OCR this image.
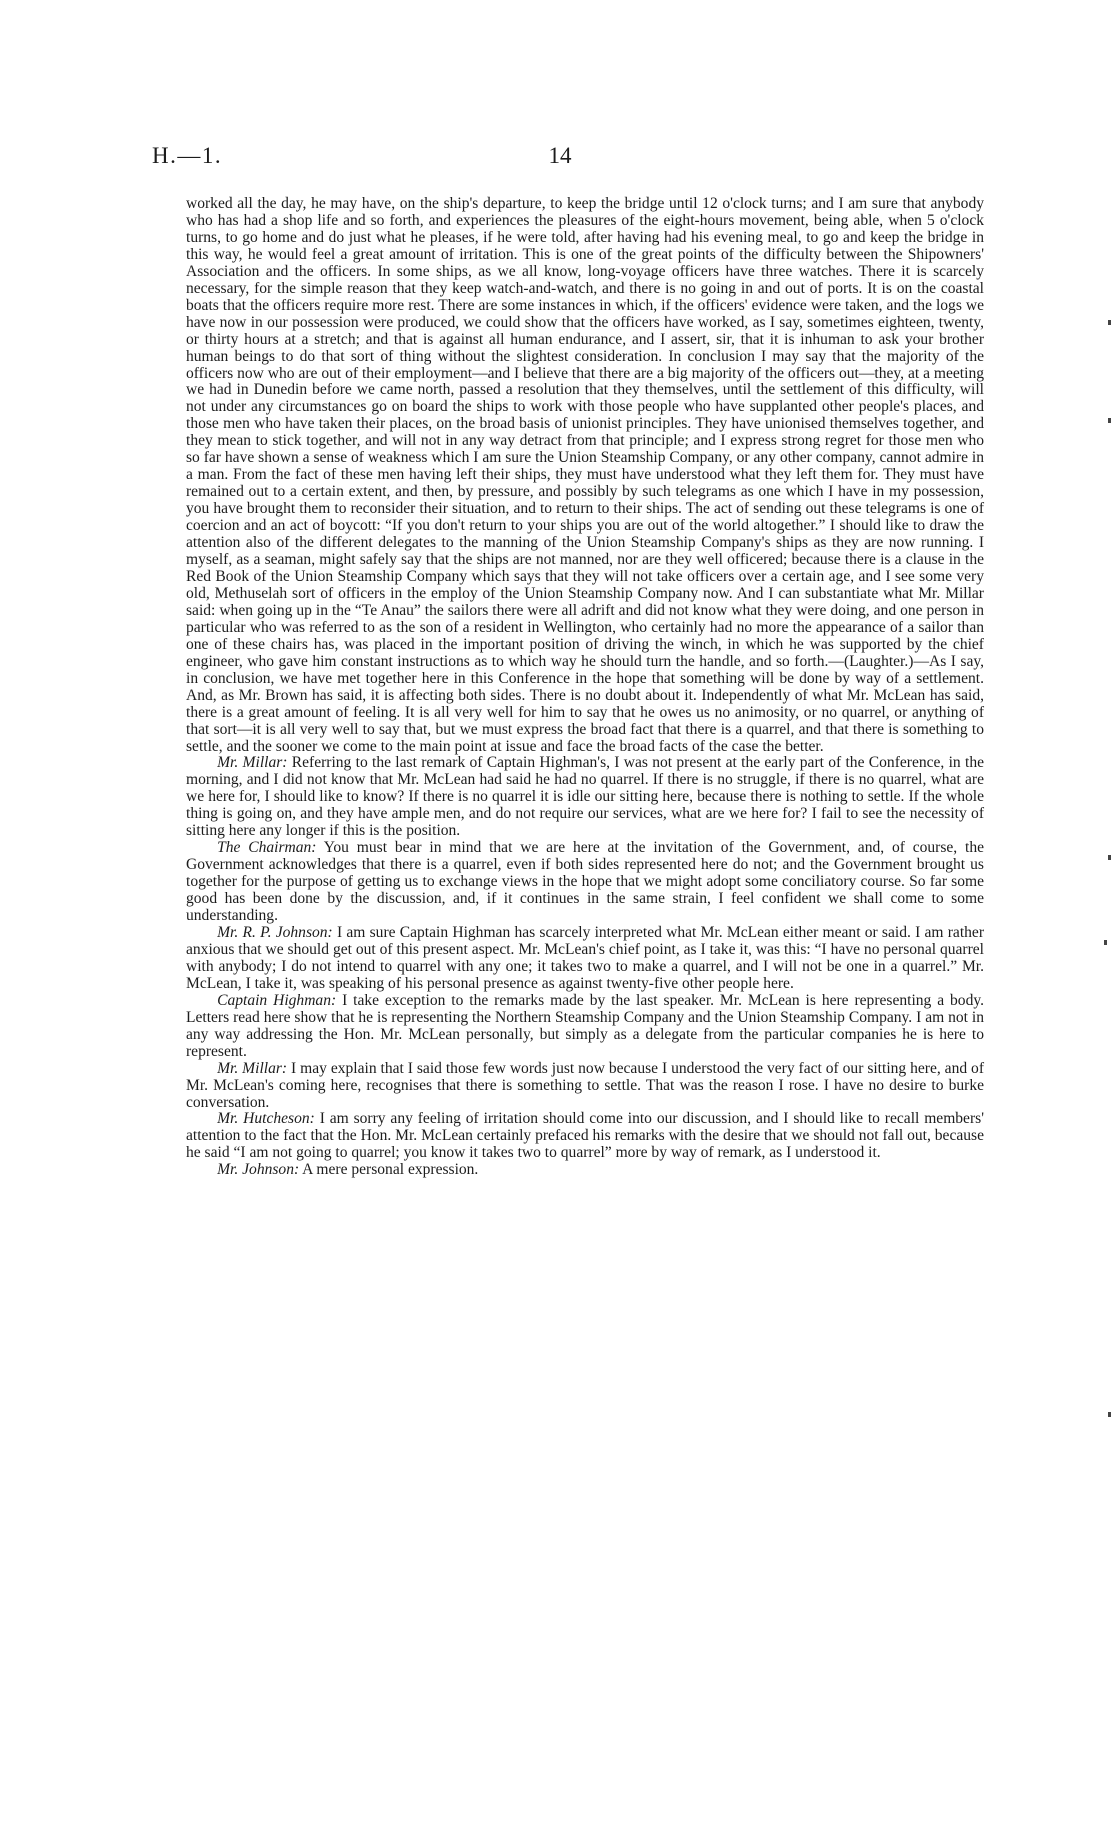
H.—1.	14

worked all the day, he may have, on the ship's departure, to keep the bridge until 12 o'clock turns; and I am sure that anybody who has had a shop life and so forth, and experiences the pleasures of the eight-hours movement, being able, when 5 o'clock turns, to go home and do just what he pleases, if he were told, after having had his evening meal, to go and keep the bridge in this way, he would feel a great amount of irritation. This is one of the great points of the difficulty between the Shipowners' Association and the officers. In some ships, as we all know, long-voyage officers have three watches. There it is scarcely necessary, for the simple reason that they keep watch-and-watch, and there is no going in and out of ports. It is on the coastal boats that the officers require more rest. There are some instances in which, if the officers' evidence were taken, and the logs we have now in our possession were produced, we could show that the officers have worked, as I say, sometimes eighteen, twenty, or thirty hours at a stretch; and that is against all human endurance, and I assert, sir, that it is inhuman to ask your brother human beings to do that sort of thing without the slightest consideration. In conclusion I may say that the majority of the officers now who are out of their employment—and I believe that there are a big majority of the officers out—they, at a meeting we had in Dunedin before we came north, passed a resolution that they themselves, until the settlement of this difficulty, will not under any circumstances go on board the ships to work with those people who have supplanted other people's places, and those men who have taken their places, on the broad basis of unionist principles. They have unionised themselves together, and they mean to stick together, and will not in any way detract from that principle; and I express strong regret for those men who so far have shown a sense of weakness which I am sure the Union Steamship Company, or any other company, cannot admire in a man. From the fact of these men having left their ships, they must have understood what they left them for. They must have remained out to a certain extent, and then, by pressure, and possibly by such telegrams as one which I have in my possession, you have brought them to reconsider their situation, and to return to their ships. The act of sending out these telegrams is one of coercion and an act of boycott: “If you don't return to your ships you are out of the world altogether.” I should like to draw the attention also of the different delegates to the manning of the Union Steamship Company's ships as they are now running. I myself, as a seaman, might safely say that the ships are not manned, nor are they well officered; because there is a clause in the Red Book of the Union Steamship Company which says that they will not take officers over a certain age, and I see some very old, Methuselah sort of officers in the employ of the Union Steamship Company now. And I can substantiate what Mr. Millar said: when going up in the “Te Anau” the sailors there were all adrift and did not know what they were doing, and one person in particular who was referred to as the son of a resident in Wellington, who certainly had no more the appearance of a sailor than one of these chairs has, was placed in the important position of driving the winch, in which he was supported by the chief engineer, who gave him constant instructions as to which way he should turn the handle, and so forth.—(Laughter.)—As I say, in conclusion, we have met together here in this Conference in the hope that something will be done by way of a settlement. And, as Mr. Brown has said, it is affecting both sides. There is no doubt about it. Independently of what Mr. McLean has said, there is a great amount of feeling. It is all very well for him to say that he owes us no animosity, or no quarrel, or anything of that sort—it is all very well to say that, but we must express the broad fact that there is a quarrel, and that there is something to settle, and the sooner we come to the main point at issue and face the broad facts of the case the better.

Mr. Millar: Referring to the last remark of Captain Highman's, I was not present at the early part of the Conference, in the morning, and I did not know that Mr. McLean had said he had no quarrel. If there is no struggle, if there is no quarrel, what are we here for, I should like to know? If there is no quarrel it is idle our sitting here, because there is nothing to settle. If the whole thing is going on, and they have ample men, and do not require our services, what are we here for? I fail to see the necessity of sitting here any longer if this is the position.

The Chairman: You must bear in mind that we are here at the invitation of the Government, and, of course, the Government acknowledges that there is a quarrel, even if both sides represented here do not; and the Government brought us together for the purpose of getting us to exchange views in the hope that we might adopt some conciliatory course. So far some good has been done by the discussion, and, if it continues in the same strain, I feel confident we shall come to some understanding.

Mr. R. P. Johnson: I am sure Captain Highman has scarcely interpreted what Mr. McLean either meant or said. I am rather anxious that we should get out of this present aspect. Mr. McLean's chief point, as I take it, was this: “I have no personal quarrel with anybody; I do not intend to quarrel with any one; it takes two to make a quarrel, and I will not be one in a quarrel.” Mr. McLean, I take it, was speaking of his personal presence as against twenty-five other people here.

Captain Highman: I take exception to the remarks made by the last speaker. Mr. McLean is here representing a body. Letters read here show that he is representing the Northern Steamship Company and the Union Steamship Company. I am not in any way addressing the Hon. Mr. McLean personally, but simply as a delegate from the particular companies he is here to represent.

Mr. Millar: I may explain that I said those few words just now because I understood the very fact of our sitting here, and of Mr. McLean's coming here, recognises that there is something to settle. That was the reason I rose. I have no desire to burke conversation.

Mr. Hutcheson: I am sorry any feeling of irritation should come into our discussion, and I should like to recall members' attention to the fact that the Hon. Mr. McLean certainly prefaced his remarks with the desire that we should not fall out, because he said “I am not going to quarrel; you know it takes two to quarrel” more by way of remark, as I understood it.

Mr. Johnson: A mere personal expression.
